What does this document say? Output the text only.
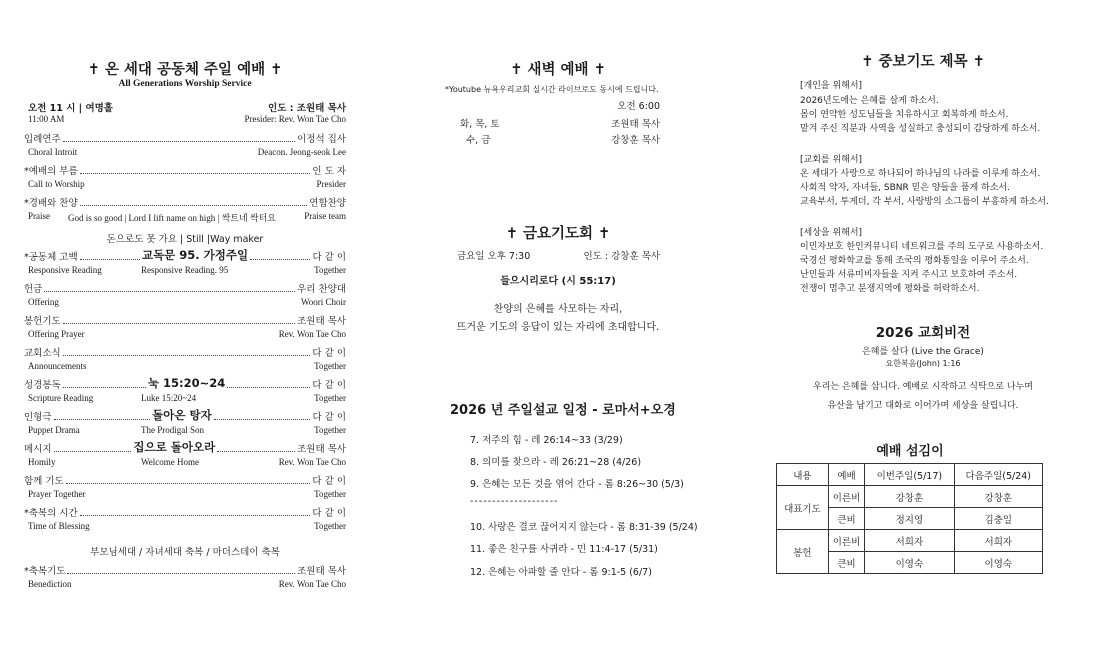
✝ 온 세대 공동체 주일 예배 ✝
All Generations Worship Service
오전 11 시 | 여명홀
11:00 AM
인도 : 조원태 목사
Presider: Rev. Won Tae Cho
입례연주	이정석 집사
Choral Introit	Deacon. Jeong-seok Lee
*예배의 부름	인 도 자
Call to Worship	Presider
*경배와 찬양	연합찬양
Praise God is so good | Lord I lift name on high | 싹트네 싹터요	Praise team
*공동체 고백	교독문 95. 가정주일	다 같 이
Responsive Reading	Responsive Reading. 95	Together
헌금	우리 찬양대
Offering	Woori Choir
봉헌기도	조원태 목사
Offering Prayer	Rev. Won Tae Cho
교회소식	다 같 이
Announcements	Together
성경봉독	눅 15:20~24	다 같 이
Scripture Reading	Luke 15:20~24	Together
인형극	돌아온 탕자	다 같 이
Puppet Drama	The Prodigal Son	Together
메시지	집으로 돌아오라	조원태 목사
Homily	Welcome Home	Rev. Won Tae Cho
함께 기도	다 같 이
Prayer Together	Together
*축복의 시간	다 같 이
Time of Blessing	Together
*축복기도	조원태 목사
Benediction	Rev. Won Tae Cho
돈으로도 못 가요 | Still |Way maker
부모님세대 / 자녀세대 축복 / 마더스데이 축복
✝ 새벽 예배 ✝
*Youtube 뉴욕우리교회 실시간 라이브로도 동시에 드립니다.
오전 6:00
화, 목, 토	조원태 목사
수, 금	강창훈 목사
✝ 금요기도회 ✝
금요일 오후 7:30	인도 : 강창훈 목사
들으시리로다 (시 55:17)
찬양의 은혜를 사모하는 자리,
뜨거운 기도의 응답이 있는 자리에 초대합니다.
2026 년 주일설교 일정 - 로마서+오경
7. 저주의 힘 - 레 26:14~33 (3/29)
8. 의미를 찾으라 - 레 26:21~28 (4/26)
9. 은혜는 모든 것을 엮어 간다 - 롬 8:26~30 (5/3)
--------------------
10. 사랑은 결코 끊어지지 않는다 - 롬 8:31-39 (5/24)
11. 좋은 친구를 사귀라 - 민 11:4-17 (5/31)
12. 은혜는 아파할 줄 안다 - 롬 9:1-5 (6/7)
✝ 중보기도 제목 ✝
[개인을 위해서]
2026년도에는 은혜를 살게 하소서.
몸이 연약한 성도님들을 치유하시고 회복하게 하소서.
맡겨 주신 직분과 사역을 성실하고 충성되이 감당하게 하소서.
[교회를 위해서]
온 세대가 사랑으로 하나되어 하나님의 나라를 이루게 하소서.
사회적 약자, 자녀들, SBNR 믿은 양들을 품게 하소서.
교육부서, 투게더, 각 부서, 사랑방의 소그룹이 부흥하게 하소서.
[세상을 위해서]
이민자보호 한인커뮤니티 네트워크를 주의 도구로 사용하소서.
국경선 평화학교를 통해 조국의 평화통일을 이루어 주소서.
난민들과 서류미비자들을 지켜 주시고 보호하여 주소서.
전쟁이 멈추고 분쟁지역에 평화를 허락하소서.
2026 교회비전
은혜를 살다 (Live the Grace)
요한복음(John) 1:16
우리는 은혜를 삽니다. 예배로 시작하고 식탁으로 나누며
유산을 남기고 대화로 이어가며 세상을 살립니다.
예배 섬김이
내용	예배	이번주일(5/17)	다음주일(5/24)
대표기도	이른비	강창훈	강창훈
	큰비	정지영	김충일
봉헌	이른비	서희자	서희자
	큰비	이영숙	이영숙
